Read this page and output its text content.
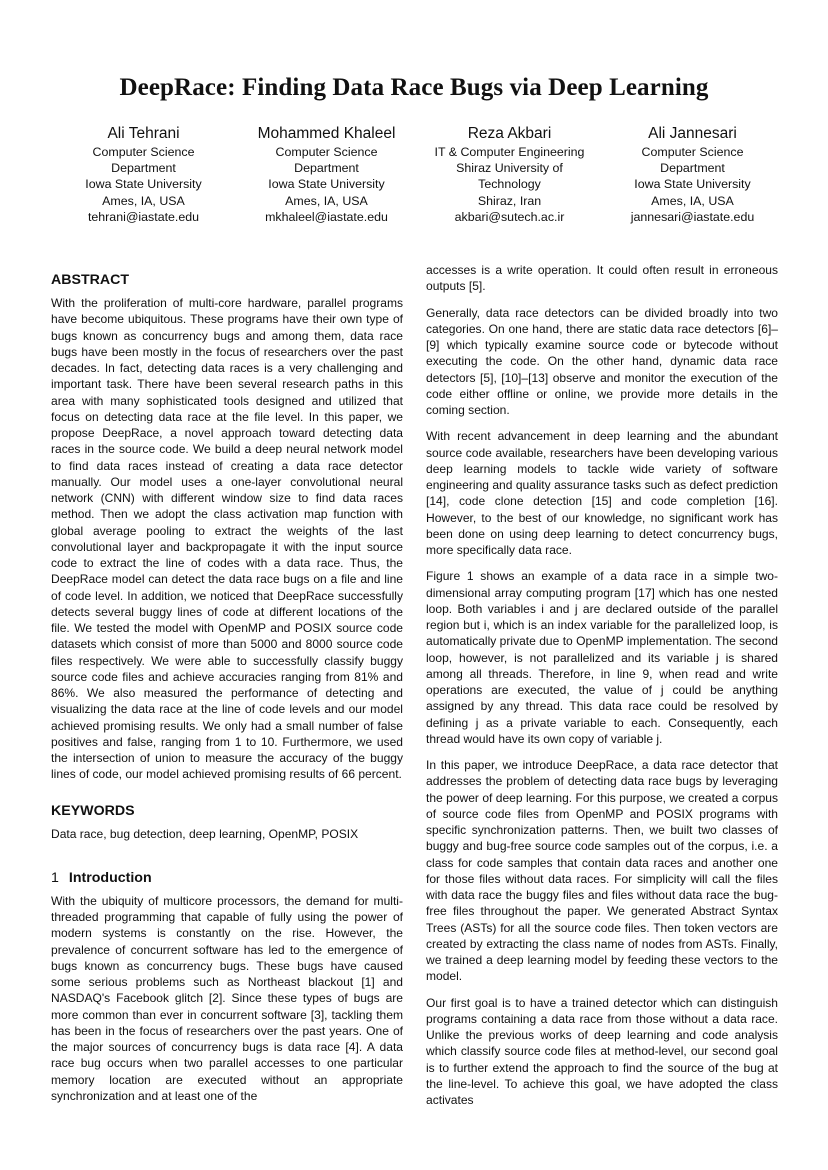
DeepRace: Finding Data Race Bugs via Deep Learning
Ali Tehrani
Computer Science
Department
Iowa State University
Ames, IA, USA
tehrani@iastate.edu
Mohammed Khaleel
Computer Science
Department
Iowa State University
Ames, IA, USA
mkhaleel@iastate.edu
Reza Akbari
IT & Computer Engineering
Shiraz University of
Technology
Shiraz, Iran
akbari@sutech.ac.ir
Ali Jannesari
Computer Science
Department
Iowa State University
Ames, IA, USA
jannesari@iastate.edu
ABSTRACT

With the proliferation of multi-core hardware, parallel programs have become ubiquitous. These programs have their own type of bugs known as concurrency bugs and among them, data race bugs have been mostly in the focus of researchers over the past decades. In fact, detecting data races is a very challenging and important task. There have been several research paths in this area with many sophisticated tools designed and utilized that focus on detecting data race at the file level. In this paper, we propose DeepRace, a novel approach toward detecting data races in the source code. We build a deep neural network model to find data races instead of creating a data race detector manually. Our model uses a one-layer convolutional neural network (CNN) with different window size to find data races method. Then we adopt the class activation map function with global average pooling to extract the weights of the last convolutional layer and backpropagate it with the input source code to extract the line of codes with a data race. Thus, the DeepRace model can detect the data race bugs on a file and line of code level. In addition, we noticed that DeepRace successfully detects several buggy lines of code at different locations of the file. We tested the model with OpenMP and POSIX source code datasets which consist of more than 5000 and 8000 source code files respectively. We were able to successfully classify buggy source code files and achieve accuracies ranging from 81% and 86%. We also measured the performance of detecting and visualizing the data race at the line of code levels and our model achieved promising results. We only had a small number of false positives and false, ranging from 1 to 10. Furthermore, we used the intersection of union to measure the accuracy of the buggy lines of code, our model achieved promising results of 66 percent.

KEYWORDS

Data race, bug detection, deep learning, OpenMP, POSIX

1 Introduction

With the ubiquity of multicore processors, the demand for multi-threaded programming that capable of fully using the power of modern systems is constantly on the rise. However, the prevalence of concurrent software has led to the emergence of bugs known as concurrency bugs. These bugs have caused some serious problems such as Northeast blackout [1] and NASDAQ's Facebook glitch [2]. Since these types of bugs are more common than ever in concurrent software [3], tackling them has been in the focus of researchers over the past years. One of the major sources of concurrency bugs is data race [4]. A data race bug occurs when two parallel accesses to one particular memory location are executed without an appropriate synchronization and at least one of the

accesses is a write operation. It could often result in erroneous outputs [5].

Generally, data race detectors can be divided broadly into two categories. On one hand, there are static data race detectors [6]–[9] which typically examine source code or bytecode without executing the code. On the other hand, dynamic data race detectors [5], [10]–[13] observe and monitor the execution of the code either offline or online, we provide more details in the coming section.

With recent advancement in deep learning and the abundant source code available, researchers have been developing various deep learning models to tackle wide variety of software engineering and quality assurance tasks such as defect prediction [14], code clone detection [15] and code completion [16]. However, to the best of our knowledge, no significant work has been done on using deep learning to detect concurrency bugs, more specifically data race.

Figure 1 shows an example of a data race in a simple two-dimensional array computing program [17] which has one nested loop. Both variables i and j are declared outside of the parallel region but i, which is an index variable for the parallelized loop, is automatically private due to OpenMP implementation. The second loop, however, is not parallelized and its variable j is shared among all threads. Therefore, in line 9, when read and write operations are executed, the value of j could be anything assigned by any thread. This data race could be resolved by defining j as a private variable to each. Consequently, each thread would have its own copy of variable j.

In this paper, we introduce DeepRace, a data race detector that addresses the problem of detecting data race bugs by leveraging the power of deep learning. For this purpose, we created a corpus of source code files from OpenMP and POSIX programs with specific synchronization patterns. Then, we built two classes of buggy and bug-free source code samples out of the corpus, i.e. a class for code samples that contain data races and another one for those files without data races. For simplicity will call the files with data race the buggy files and files without data race the bug-free files throughout the paper. We generated Abstract Syntax Trees (ASTs) for all the source code files. Then token vectors are created by extracting the class name of nodes from ASTs. Finally, we trained a deep learning model by feeding these vectors to the model.

Our first goal is to have a trained detector which can distinguish programs containing a data race from those without a data race. Unlike the previous works of deep learning and code analysis which classify source code files at method-level, our second goal is to further extend the approach to find the source of the bug at the line-level. To achieve this goal, we have adopted the class activates
